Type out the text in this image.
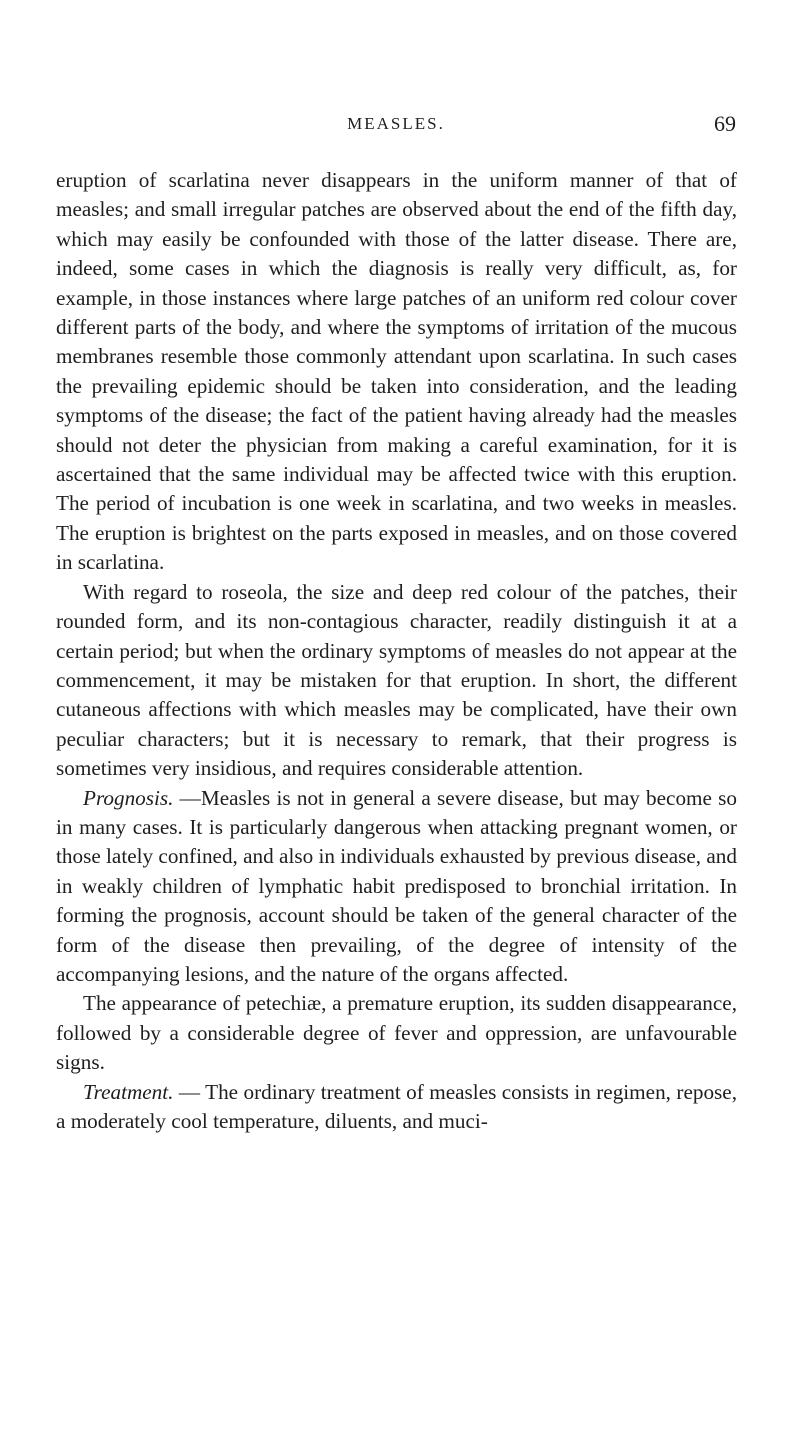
MEASLES.	69

eruption of scarlatina never disappears in the uniform manner of that of measles; and small irregular patches are observed about the end of the fifth day, which may easily be confounded with those of the latter disease. There are, indeed, some cases in which the diagnosis is really very difficult, as, for example, in those instances where large patches of an uniform red colour cover different parts of the body, and where the symptoms of irritation of the mucous membranes resemble those commonly attendant upon scarlatina. In such cases the prevailing epidemic should be taken into consideration, and the leading symptoms of the disease; the fact of the patient having already had the measles should not deter the physician from making a careful examination, for it is ascertained that the same individual may be affected twice with this eruption. The period of incubation is one week in scarlatina, and two weeks in measles. The eruption is brightest on the parts exposed in measles, and on those covered in scarlatina.

With regard to roseola, the size and deep red colour of the patches, their rounded form, and its non-contagious character, readily distinguish it at a certain period; but when the ordinary symptoms of measles do not appear at the commencement, it may be mistaken for that eruption. In short, the different cutaneous affections with which measles may be complicated, have their own peculiar characters; but it is necessary to remark, that their progress is sometimes very insidious, and requires considerable attention.

Prognosis. —Measles is not in general a severe disease, but may become so in many cases. It is particularly dangerous when attacking pregnant women, or those lately confined, and also in individuals exhausted by previous disease, and in weakly children of lymphatic habit predisposed to bronchial irritation. In forming the prognosis, account should be taken of the general character of the form of the disease then prevailing, of the degree of intensity of the accompanying lesions, and the nature of the organs affected.

The appearance of petechiæ, a premature eruption, its sudden disappearance, followed by a considerable degree of fever and oppression, are unfavourable signs.

Treatment. — The ordinary treatment of measles consists in regimen, repose, a moderately cool temperature, diluents, and muci-
